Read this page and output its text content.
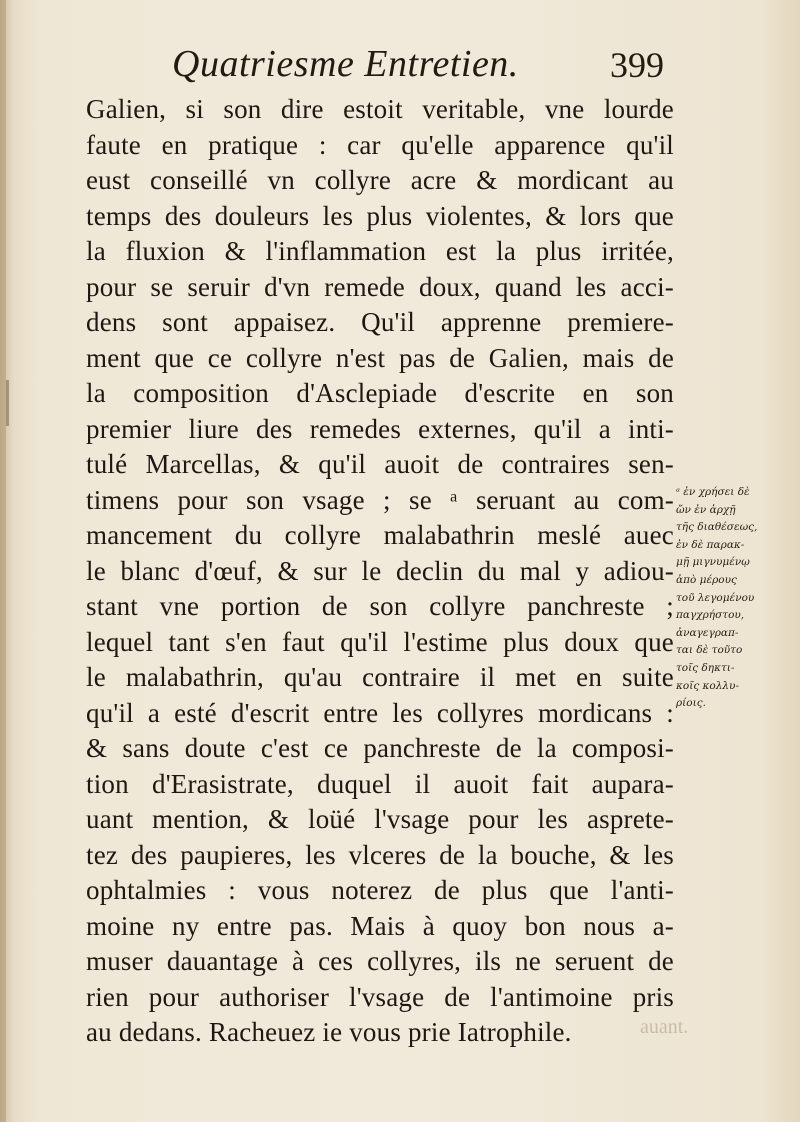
Quatriesme Entretien.	399
Galien, si son dire estoit veritable, vne lourde
faute en pratique : car qu'elle apparence qu'il
eust conseillé vn collyre acre & mordicant au
temps des douleurs les plus violentes, & lors que
la fluxion & l'inflammation est la plus irritée,
pour se seruir d'vn remede doux, quand les acci-
dens sont appaisez. Qu'il apprenne premiere-
ment que ce collyre n'est pas de Galien, mais de
la composition d'Asclepiade d'escrite en son
premier liure des remedes externes, qu'il a inti-
tulé Marcellas, & qu'il auoit de contraires sen-
timens pour son vsage ; se ᵃ seruant au com-
mancement du collyre malabathrin meslé auec
le blanc d'œuf, & sur le declin du mal y adiou-
stant vne portion de son collyre panchreste ;
lequel tant s'en faut qu'il l'estime plus doux que
le malabathrin, qu'au contraire il met en suite
qu'il a esté d'escrit entre les collyres mordicans :
& sans doute c'est ce panchreste de la composi-
tion d'Erasistrate, duquel il auoit fait aupara-
uant mention, & loüé l'vsage pour les asprete-
tez des paupieres, les vlceres de la bouche, & les
ophtalmies : vous noterez de plus que l'anti-
moine ny entre pas. Mais à quoy bon nous a-
muser dauantage à ces collyres, ils ne seruent de
rien pour authoriser l'vsage de l'antimoine pris
au dedans. Racheuez ie vous prie Iatrophile.
ᵃ ἐν χρήσει δὲ
ὤν ἐν ἀρχῇ
τῆς διαθέσεως,
ἐν δὲ παρακ-
μῇ μιγνυμένῳ
ἀπὸ μέρους
τοῦ λεγομένου
παγχρήστου,
ἀναγεγραπ-
ται δὲ τοῦτο
τοῖς δηκτι-
κοῖς κολλυ-
ρίοις.
auant.
